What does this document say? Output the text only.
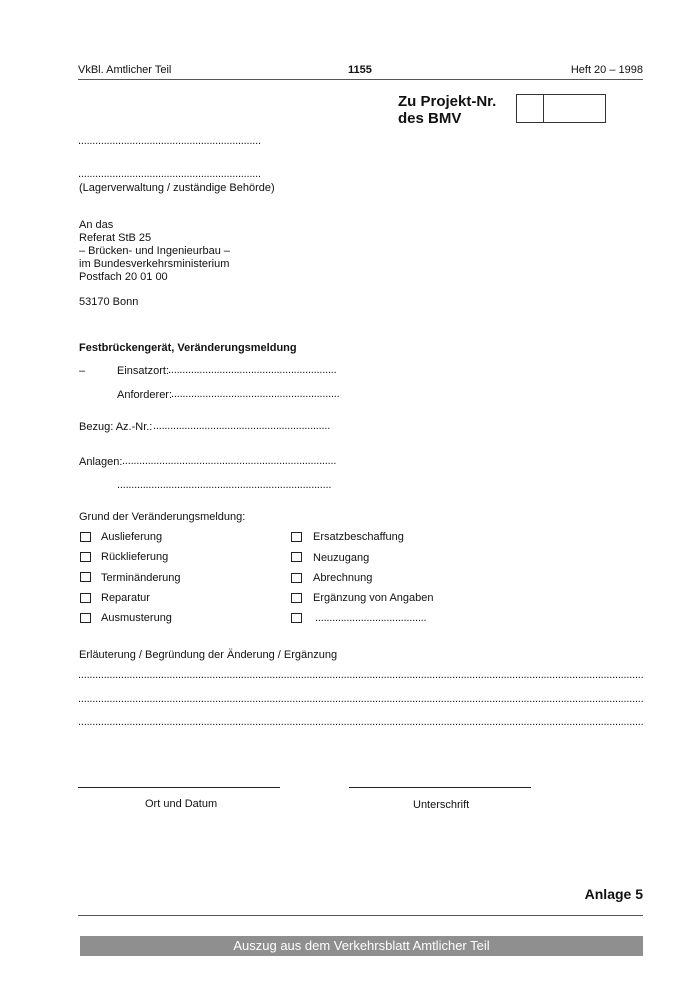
VkBl. Amtlicher Teil	1155	Heft 20 – 1998
Zu Projekt-Nr.
des BMV
................................................................
................................................................
(Lagerverwaltung / zuständige Behörde)
An das
Referat StB 25
– Brücken- und Ingenieurbau –
im Bundesverkehrsministerium
Postfach 20 01 00
53170 Bonn
Festbrückengerät, Veränderungsmeldung
–	Einsatzort: ...........................................................
Anforderer:
...........................................................
Bezug: Az.-Nr.: ..............................................................
Anlagen: ...........................................................................
...........................................................................
Grund der Veränderungsmeldung:
Auslieferung
Rücklieferung
Terminänderung
Reparatur
Ausmusterung
Ersatzbeschaffung
Neuzugang
Abrechnung
Ergänzung von Angaben
.......................................
Erläuterung / Begründung der Änderung / Ergänzung
......................................................................................................................................................................................................
......................................................................................................................................................................................................
......................................................................................................................................................................................................
Ort und Datum	Unterschrift
Anlage 5
Auszug aus dem Verkehrsblatt Amtlicher Teil
